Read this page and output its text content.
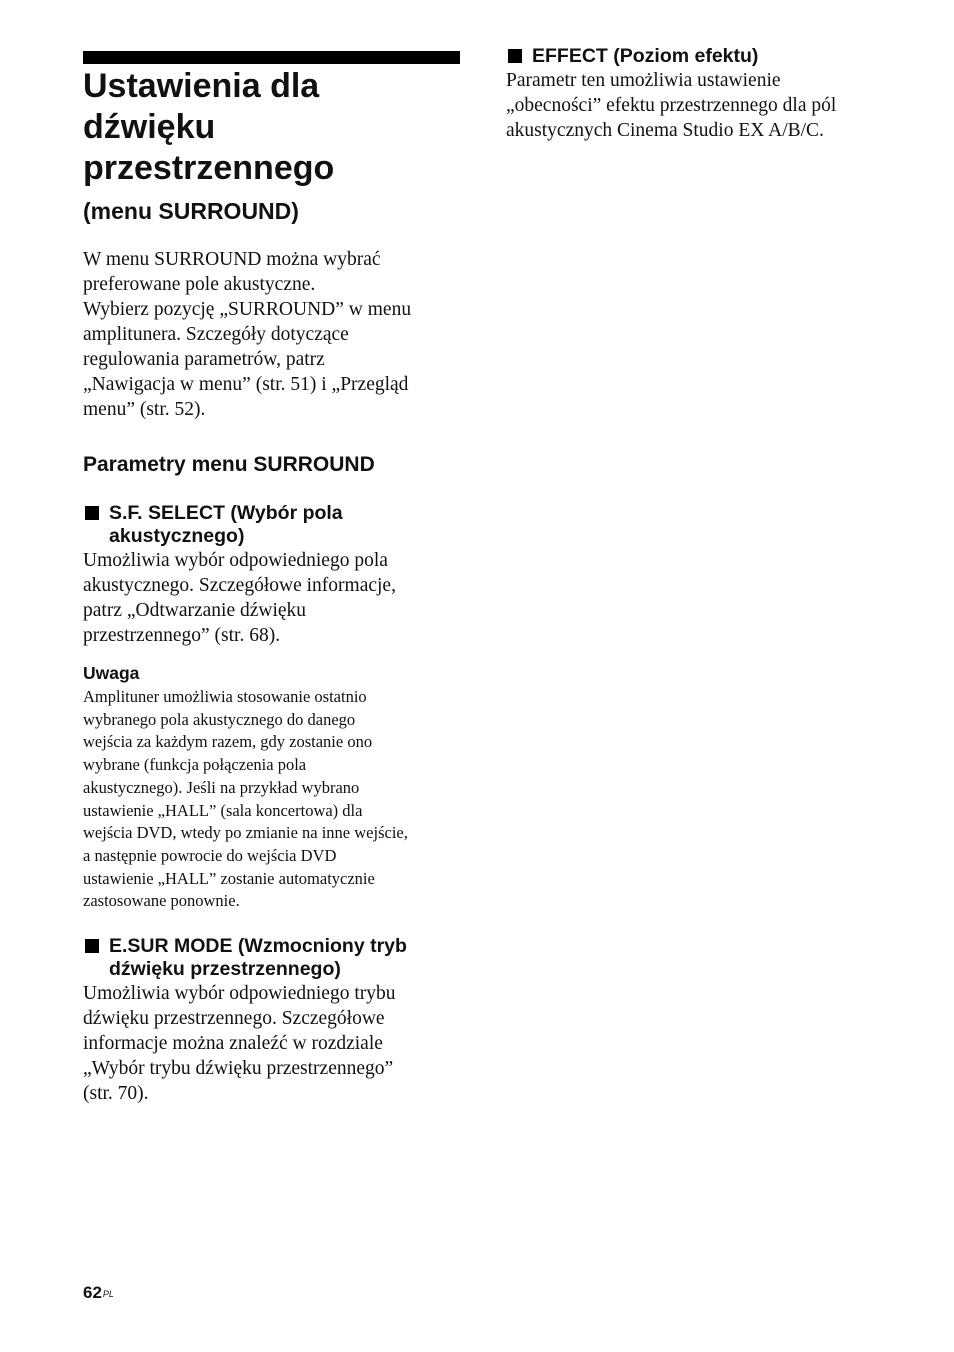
Ustawienia dla
dźwięku
przestrzennego
(menu SURROUND)
W menu SURROUND można wybrać
preferowane pole akustyczne.
Wybierz pozycję „SURROUND” w menu
amplitunera. Szczegóły dotyczące
regulowania parametrów, patrz
„Nawigacja w menu” (str. 51) i „Przegląd
menu” (str. 52).
Parametry menu SURROUND
S.F. SELECT (Wybór pola
akustycznego)
Umożliwia wybór odpowiedniego pola
akustycznego. Szczegółowe informacje,
patrz „Odtwarzanie dźwięku
przestrzennego” (str. 68).
Uwaga
Amplituner umożliwia stosowanie ostatnio
wybranego pola akustycznego do danego
wejścia za każdym razem, gdy zostanie ono
wybrane (funkcja połączenia pola
akustycznego). Jeśli na przykład wybrano
ustawienie „HALL” (sala koncertowa) dla
wejścia DVD, wtedy po zmianie na inne wejście,
a następnie powrocie do wejścia DVD
ustawienie „HALL” zostanie automatycznie
zastosowane ponownie.
E.SUR MODE (Wzmocniony tryb
dźwięku przestrzennego)
Umożliwia wybór odpowiedniego trybu
dźwięku przestrzennego. Szczegółowe
informacje można znaleźć w rozdziale
„Wybór trybu dźwięku przestrzennego”
(str. 70).
EFFECT (Poziom efektu)
Parametr ten umożliwia ustawienie
„obecności” efektu przestrzennego dla pól
akustycznych Cinema Studio EX A/B/C.
$62^{PL}$
